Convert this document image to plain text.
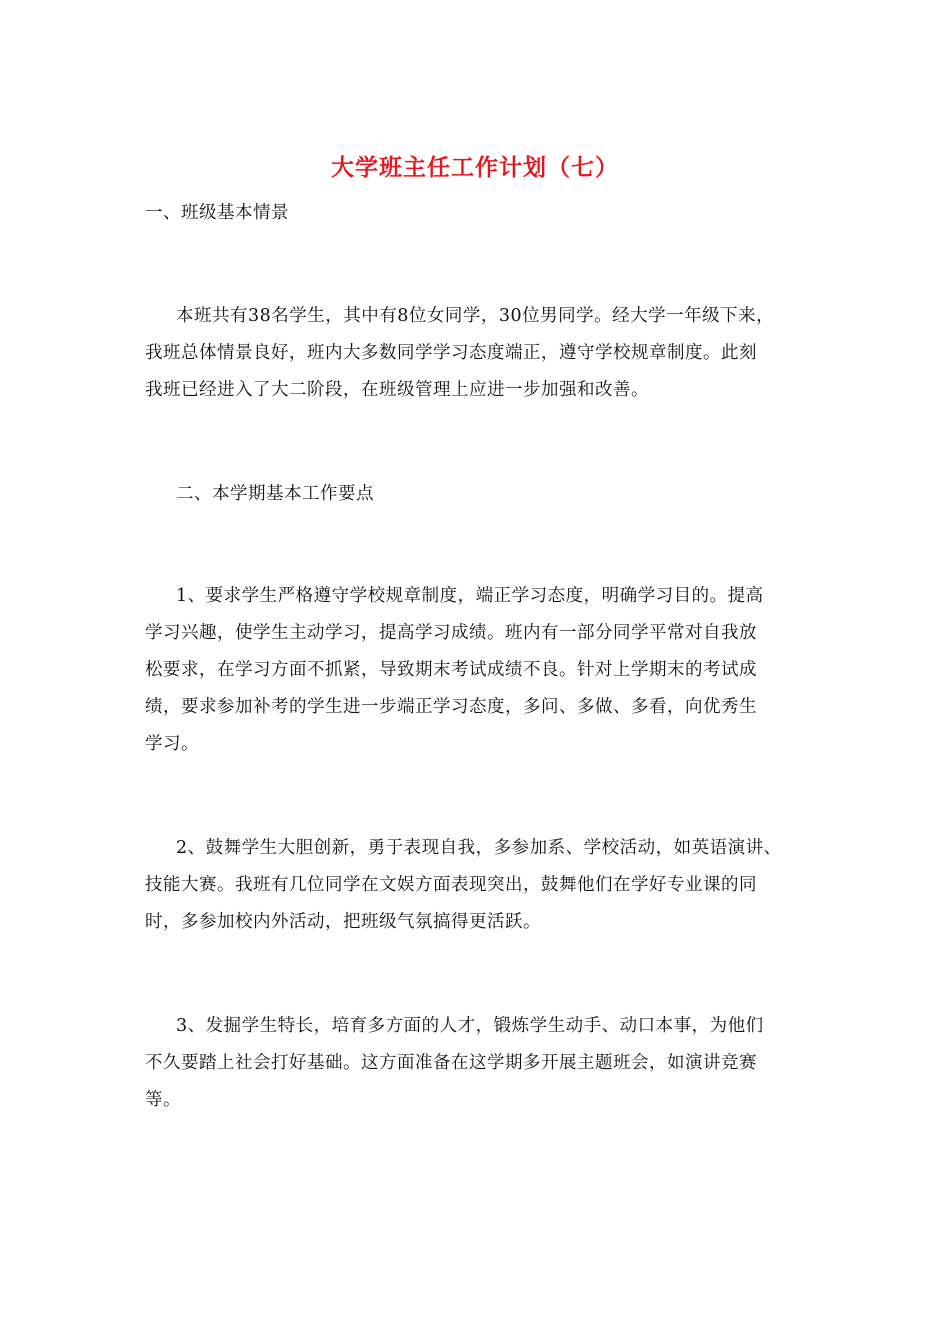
大学班主任工作计划（七）
一、班级基本情景
本班共有38名学生，其中有8位女同学，30位男同学。经大学一年级下来，
我班总体情景良好，班内大多数同学学习态度端正，遵守学校规章制度。此刻
我班已经进入了大二阶段，在班级管理上应进一步加强和改善。
二、本学期基本工作要点
1、要求学生严格遵守学校规章制度，端正学习态度，明确学习目的。提高
学习兴趣，使学生主动学习，提高学习成绩。班内有一部分同学平常对自我放
松要求，在学习方面不抓紧，导致期末考试成绩不良。针对上学期末的考试成
绩，要求参加补考的学生进一步端正学习态度，多问、多做、多看，向优秀生
学习。
2、鼓舞学生大胆创新，勇于表现自我，多参加系、学校活动，如英语演讲、
技能大赛。我班有几位同学在文娱方面表现突出，鼓舞他们在学好专业课的同
时，多参加校内外活动，把班级气氛搞得更活跃。
3、发掘学生特长，培育多方面的人才，锻炼学生动手、动口本事，为他们
不久要踏上社会打好基础。这方面准备在这学期多开展主题班会，如演讲竞赛
等。
